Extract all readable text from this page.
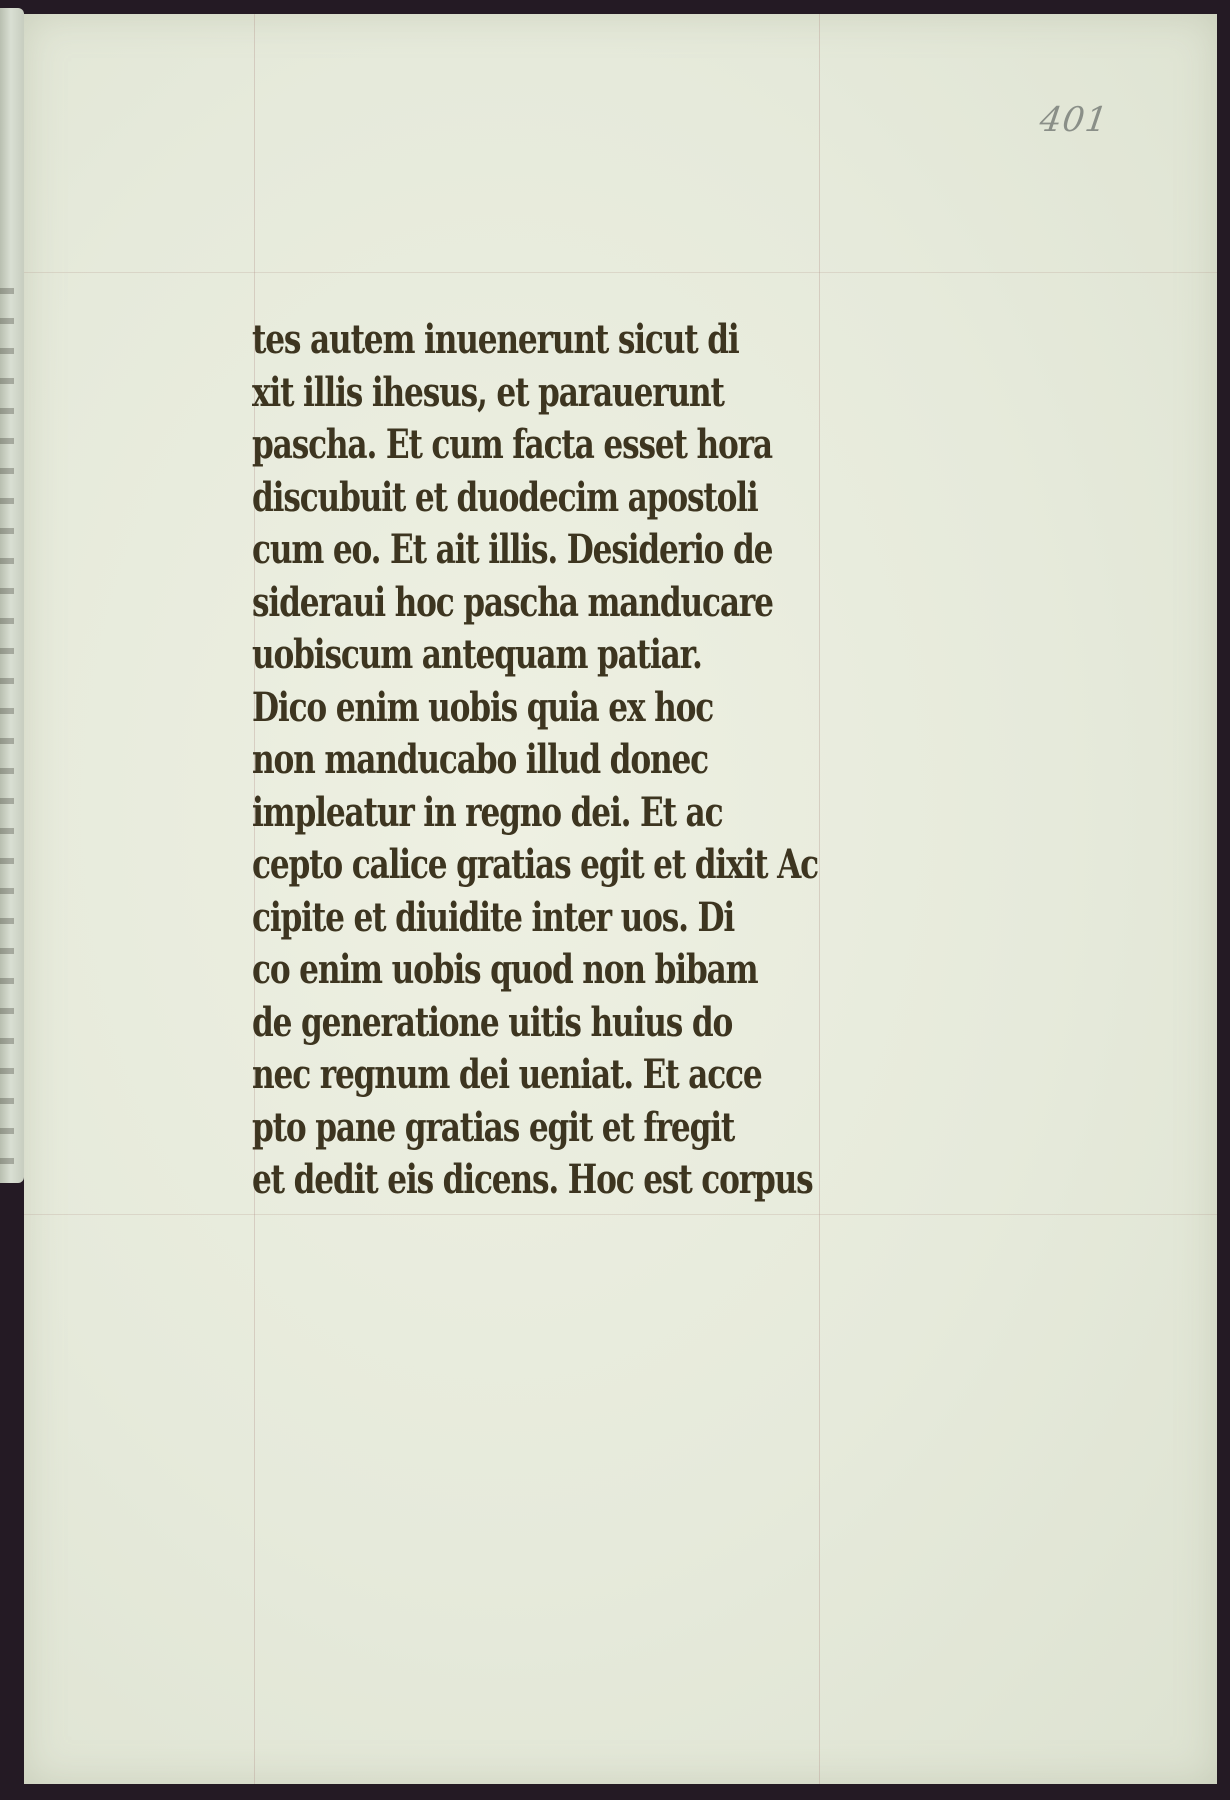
401
tes autem inuenerunt sicut di
xit illis ihesus, et parauerunt
pascha. Et cum facta esset hora
discubuit et duodecim apostoli
cum eo. Et ait illis. Desiderio de
sideraui hoc pascha manducare
uobiscum antequam patiar.
Dico enim uobis quia ex hoc
non manducabo illud donec
impleatur in regno dei. Et ac
cepto calice gratias egit et dixit Ac
cipite et diuidite inter uos. Di
co enim uobis quod non bibam
de generatione uitis huius do
nec regnum dei ueniat. Et acce
pto pane gratias egit et fregit
et dedit eis dicens. Hoc est corpus
